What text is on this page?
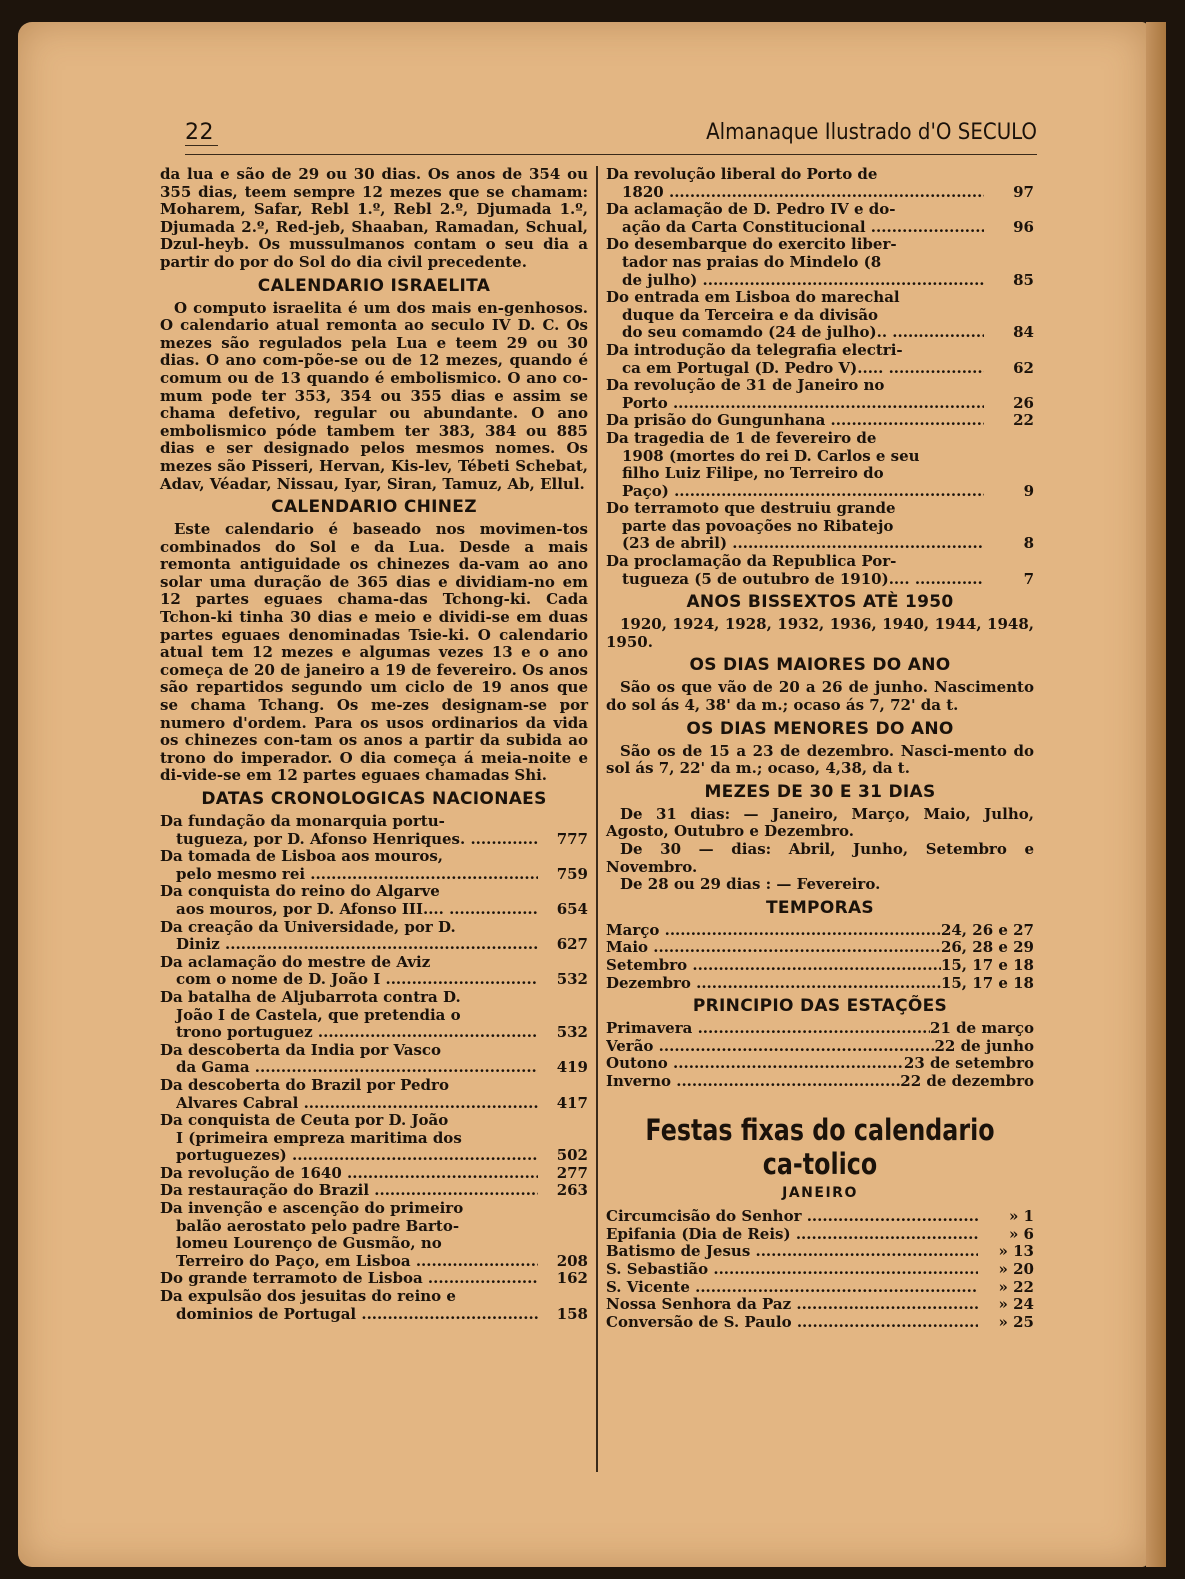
22	Almanaque Ilustrado d'O SECULO

da lua e são de 29 ou 30 dias. Os anos de 354 ou 355 dias, teem sempre 12 mezes que se chamam: Moharem, Safar, Rebl 1.º, Rebl 2.º, Djumada 1.º, Djumada 2.º, Red-jeb, Shaaban, Ramadan, Schual, Dzul-heyb. Os mussulmanos contam o seu dia a partir do por do Sol do dia civil precedente.

CALENDARIO ISRAELITA

O computo israelita é um dos mais en-genhosos. O calendario atual remonta ao seculo IV D. C. Os mezes são regulados pela Lua e teem 29 ou 30 dias. O ano com-põe-se ou de 12 mezes, quando é comum ou de 13 quando é embolismico. O ano co-mum pode ter 353, 354 ou 355 dias e assim se chama defetivo, regular ou abundante. O ano embolismico póde tambem ter 383, 384 ou 885 dias e ser designado pelos mesmos nomes. Os mezes são Pisseri, Hervan, Kis-lev, Tébeti Schebat, Adav, Véadar, Nissau, Iyar, Siran, Tamuz, Ab, Ellul.

CALENDARIO CHINEZ

Este calendario é baseado nos movimen-tos combinados do Sol e da Lua. Desde a mais remonta antiguidade os chinezes da-vam ao ano solar uma duração de 365 dias e dividiam-no em 12 partes eguaes chama-das Tchong-ki. Cada Tchon-ki tinha 30 dias e meio e dividi-se em duas partes eguaes denominadas Tsie-ki. O calendario atual tem 12 mezes e algumas vezes 13 e o ano começa de 20 de janeiro a 19 de fevereiro. Os anos são repartidos segundo um ciclo de 19 anos que se chama Tchang. Os me-zes designam-se por numero d'ordem. Para os usos ordinarios da vida os chinezes con-tam os anos a partir da subida ao trono do imperador. O dia começa á meia-noite e di-vide-se em 12 partes eguaes chamadas Shi.

DATAS CRONOLOGICAS NACIONAES
Da fundação da monarquia portu-
tugueza, por D. Afonso Henriques. .....	777
Da tomada de Lisboa aos mouros,
pelo mesmo rei .....	759
Da conquista do reino do Algarve
aos mouros, por D. Afonso III.... .....	654
Da creação da Universidade, por D.
Diniz .....	627
Da aclamação do mestre de Aviz
com o nome de D. João I .....	532
Da batalha de Aljubarrota contra D.
João I de Castela, que pretendia o
trono portuguez .....	532
Da descoberta da India por Vasco
da Gama .....	419
Da descoberta do Brazil por Pedro
Alvares Cabral .....	417
Da conquista de Ceuta por D. João
I (primeira empreza maritima dos
portuguezes) .....	502
Da revolução de 1640 .....	277
Da restauração do Brazil .....	263
Da invenção e ascenção do primeiro
balão aerostato pelo padre Barto-
lomeu Lourenço de Gusmão, no
Terreiro do Paço, em Lisboa .....	208
Do grande terramoto de Lisboa .....	162
Da expulsão dos jesuitas do reino e
dominios de Portugal .....	158
Da revolução liberal do Porto de
1820 .....	97
Da aclamação de D. Pedro IV e do-
ação da Carta Constitucional .....	96
Do desembarque do exercito liber-
tador nas praias do Mindelo (8
de julho) .....	85
Do entrada em Lisboa do marechal
duque da Terceira e da divisão
do seu comamdo (24 de julho).. .....	84
Da introdução da telegrafia electri-
ca em Portugal (D. Pedro V)..... .....	62
Da revolução de 31 de Janeiro no
Porto .....	26
Da prisão do Gungunhana .....	22
Da tragedia de 1 de fevereiro de
1908 (mortes do rei D. Carlos e seu
filho Luiz Filipe, no Terreiro do
Paço) .....	9
Do terramoto que destruiu grande
parte das povoações no Ribatejo
(23 de abril) .....	8
Da proclamação da Republica Por-
tugueza (5 de outubro de 1910).... .....	7
ANOS BISSEXTOS ATÈ 1950

1920, 1924, 1928, 1932, 1936, 1940, 1944, 1948, 1950.

OS DIAS MAIORES DO ANO

São os que vão de 20 a 26 de junho. Nascimento do sol ás 4, 38' da m.; ocaso ás 7, 72' da t.

OS DIAS MENORES DO ANO

São os de 15 a 23 de dezembro. Nasci-mento do sol ás 7, 22' da m.; ocaso, 4,38, da t.

MEZES DE 30 E 31 DIAS

De 31 dias: — Janeiro, Março, Maio, Julho, Agosto, Outubro e Dezembro.

De 30 — dias: Abril, Junho, Setembro e Novembro.

De 28 ou 29 dias : — Fevereiro.

TEMPORAS
Março .....	24, 26 e 27
Maio .....	26, 28 e 29
Setembro .....	15, 17 e 18
Dezembro .....	15, 17 e 18
PRINCIPIO DAS ESTAÇÕES
Primavera .....	21 de março
Verão .....	22 de junho
Outono .....	23 de setembro
Inverno .....	22 de dezembro
Festas fixas do calendario ca-tolico
JANEIRO
Circumcisão do Senhor .....	» 1
Epifania (Dia de Reis) .....	» 6
Batismo de Jesus .....	» 13
S. Sebastião .....	» 20
S. Vicente .....	» 22
Nossa Senhora da Paz .....	» 24
Conversão de S. Paulo .....	» 25
